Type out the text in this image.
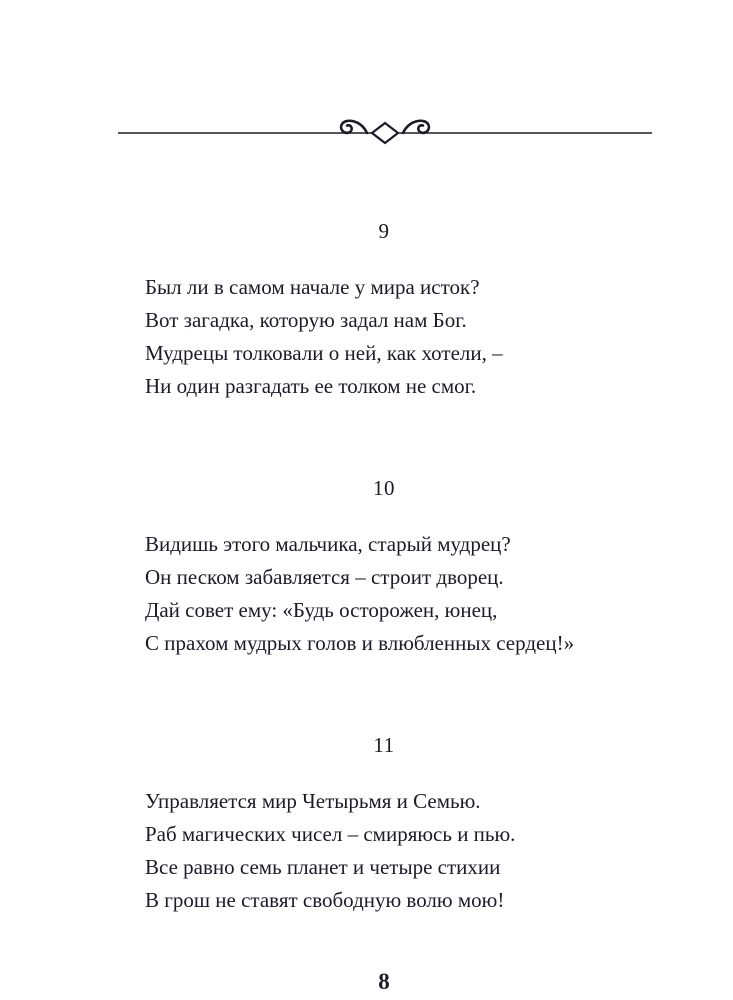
9

Был ли в самом начале у мира исток?

Вот загадка, которую задал нам Бог.

Мудрецы толковали о ней, как хотели, –

Ни один разгадать ее толком не смог.

10

Видишь этого мальчика, старый мудрец?

Он песком забавляется – строит дворец.

Дай совет ему: «Будь осторожен, юнец,

С прахом мудрых голов и влюбленных сердец!»

11

Управляется мир Четырьмя и Семью.

Раб магических чисел – смиряюсь и пью.

Все равно семь планет и четыре стихии

В грош не ставят свободную волю мою!

8
